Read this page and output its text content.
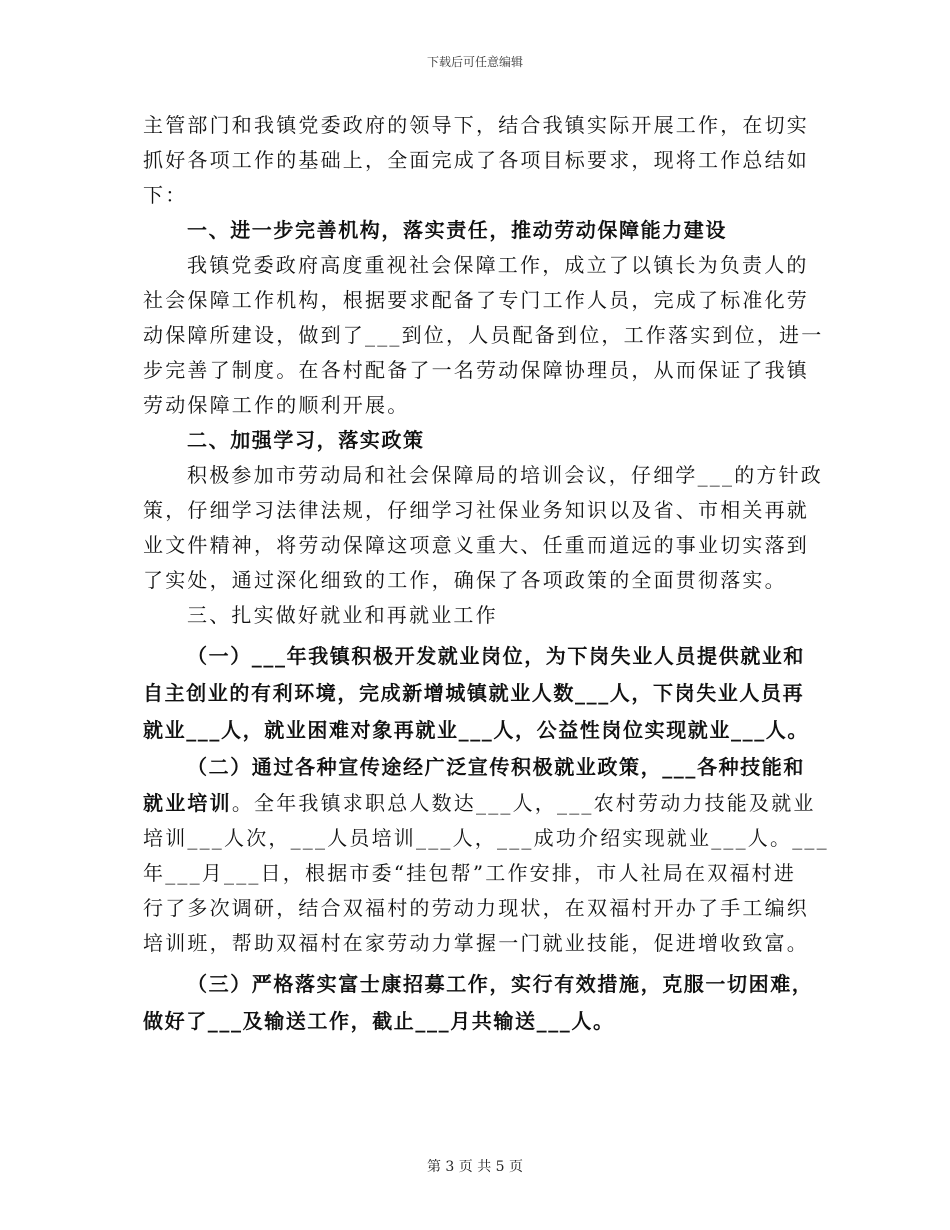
下载后可任意编辑
主管部门和我镇党委政府的领导下，结合我镇实际开展工作，在切实
抓好各项工作的基础上，全面完成了各项目标要求，现将工作总结如
下：
一、进一步完善机构，落实责任，推动劳动保障能力建设
我镇党委政府高度重视社会保障工作，成立了以镇长为负责人的
社会保障工作机构，根据要求配备了专门工作人员，完成了标准化劳
动保障所建设，做到了___到位，人员配备到位，工作落实到位，进一
步完善了制度。在各村配备了一名劳动保障协理员，从而保证了我镇
劳动保障工作的顺利开展。
二、加强学习，落实政策
积极参加市劳动局和社会保障局的培训会议，仔细学___的方针政
策，仔细学习法律法规，仔细学习社保业务知识以及省、市相关再就
业文件精神，将劳动保障这项意义重大、任重而道远的事业切实落到
了实处，通过深化细致的工作，确保了各项政策的全面贯彻落实。
三、扎实做好就业和再就业工作
（一）___年我镇积极开发就业岗位，为下岗失业人员提供就业和
自主创业的有利环境，完成新增城镇就业人数___人，下岗失业人员再
就业___人，就业困难对象再就业___人，公益性岗位实现就业___人。
（二）通过各种宣传途经广泛宣传积极就业政策，___各种技能和
就业培训。全年我镇求职总人数达___人，___农村劳动力技能及就业
培训___人次，___人员培训___人，___成功介绍实现就业___人。___
年___月___日，根据市委“挂包帮”工作安排，市人社局在双福村进
行了多次调研，结合双福村的劳动力现状，在双福村开办了手工编织
培训班，帮助双福村在家劳动力掌握一门就业技能，促进增收致富。
（三）严格落实富士康招募工作，实行有效措施，克服一切困难，
做好了___及输送工作，截止___月共输送___人。
第 3 页 共 5 页
